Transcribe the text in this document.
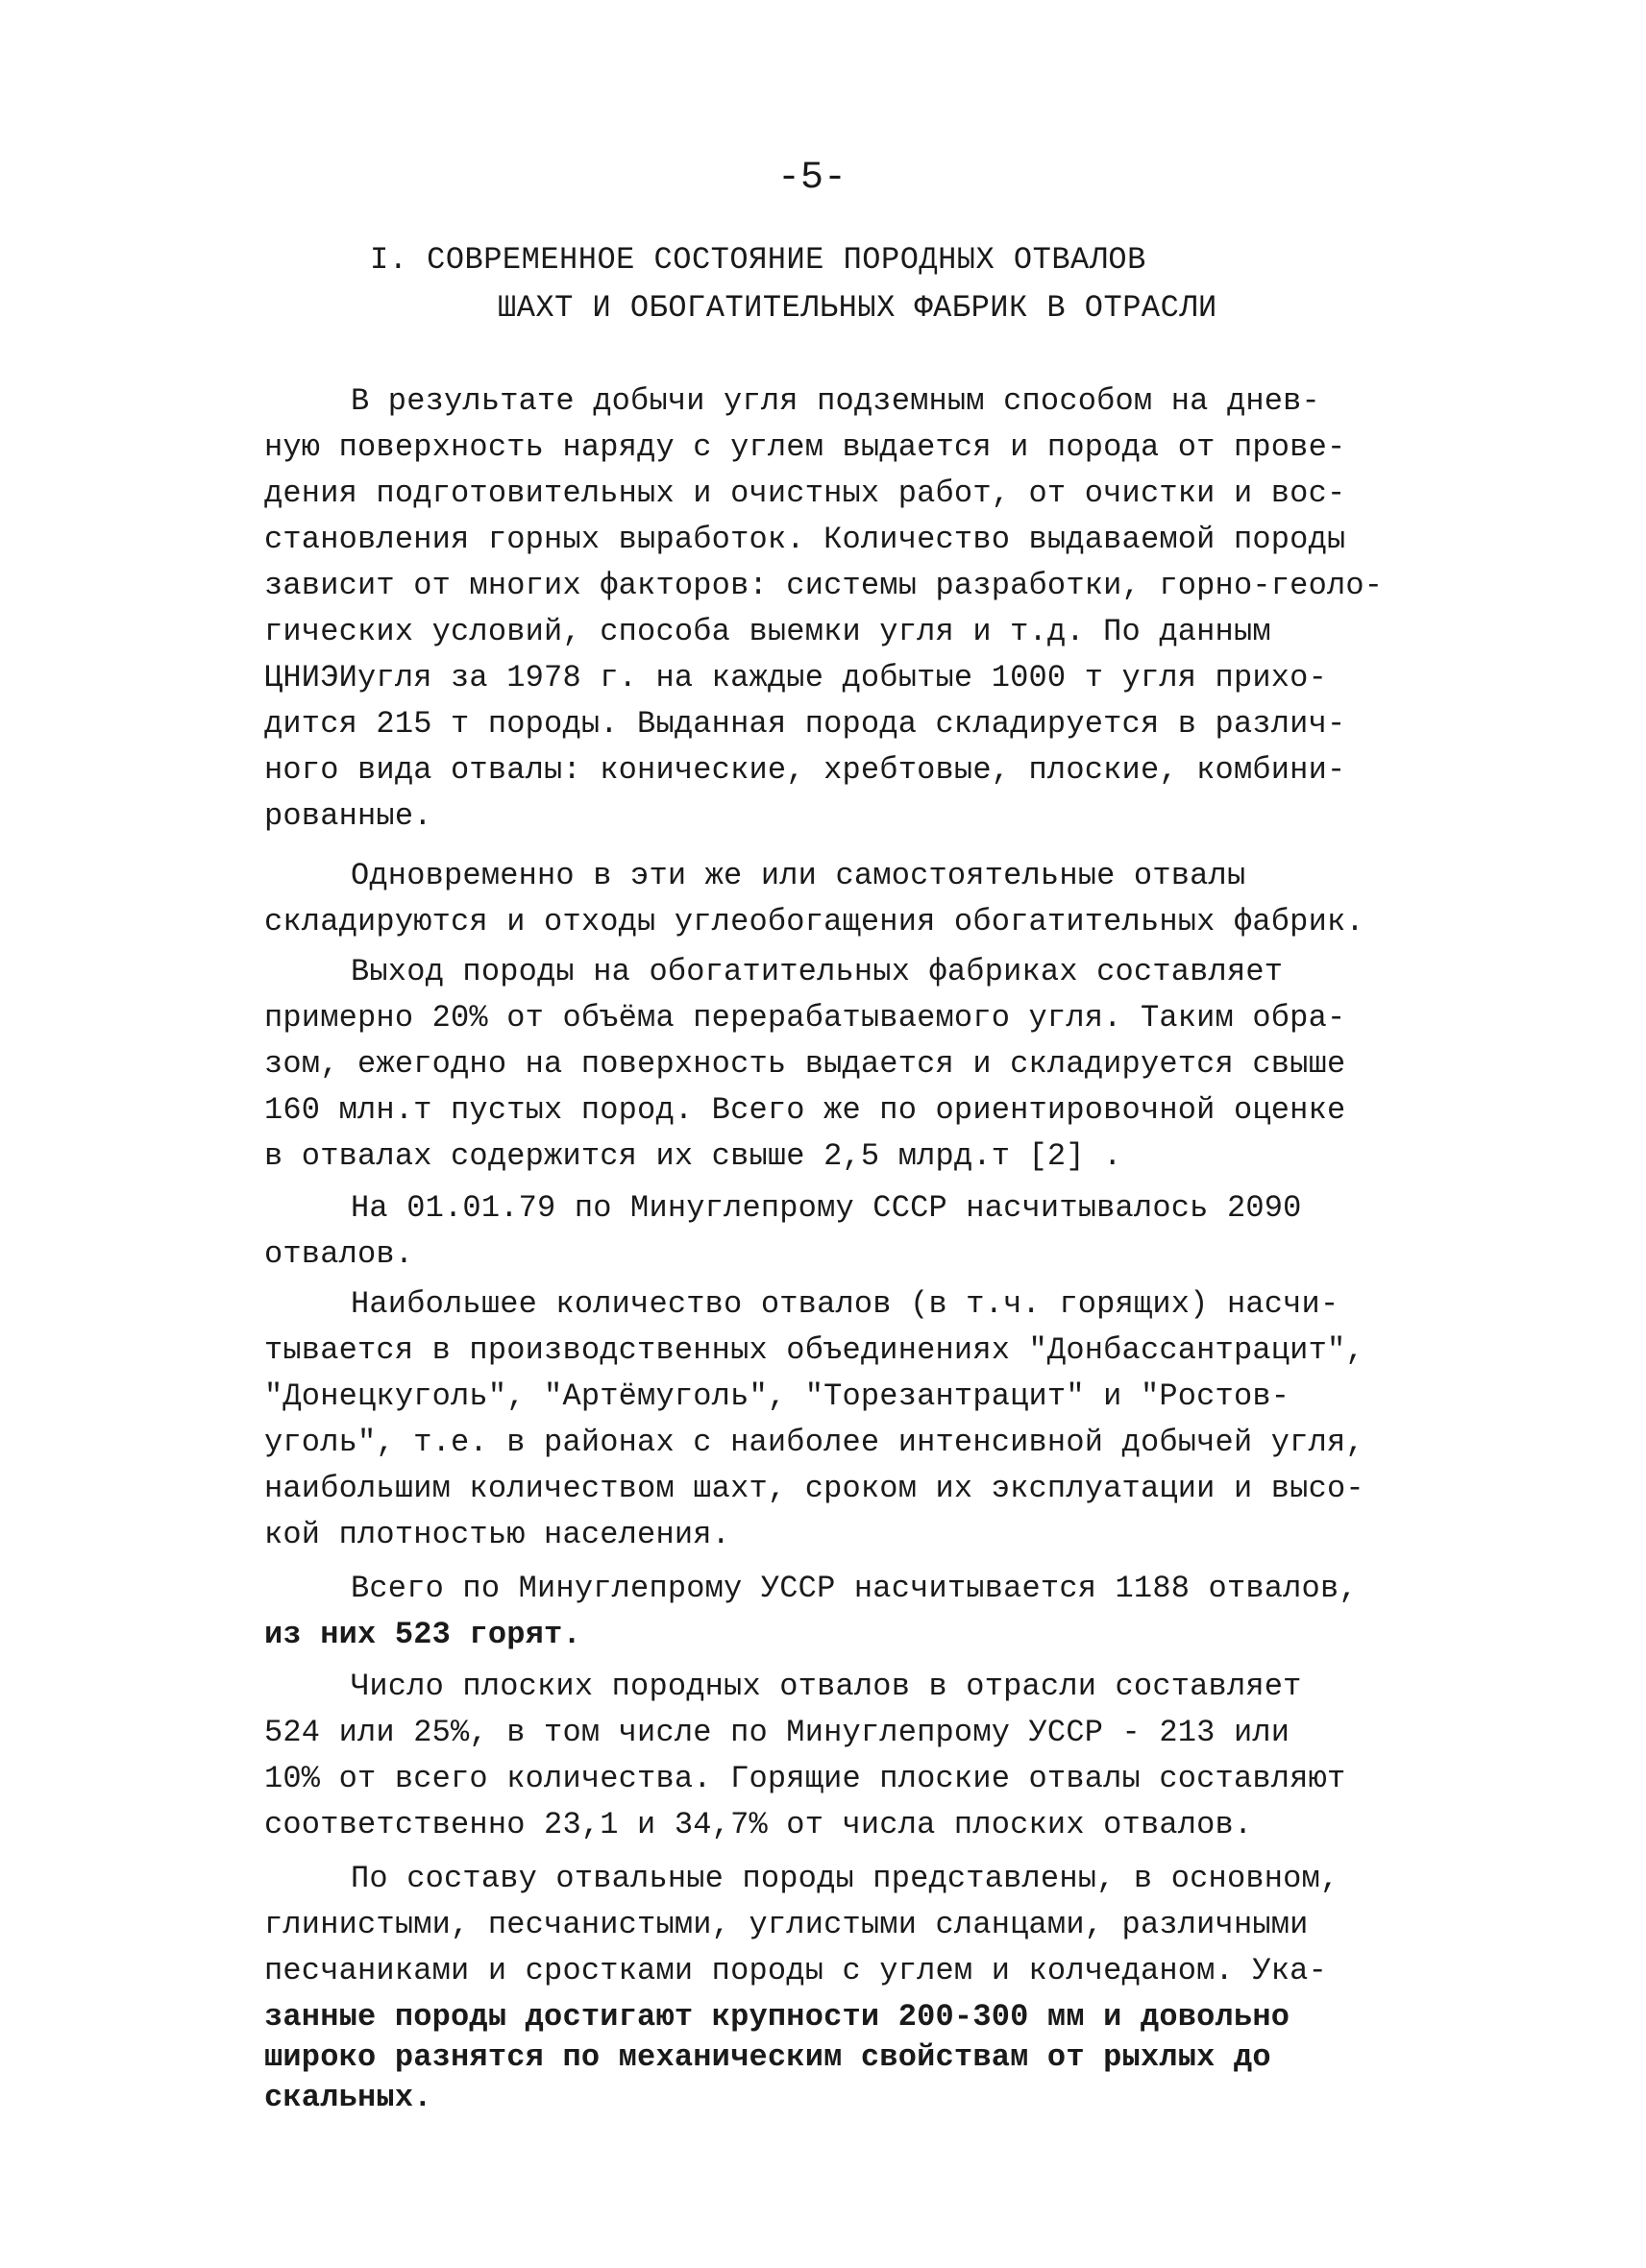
-5-
I. СОВРЕМЕННОЕ СОСТОЯНИЕ ПОРОДНЫХ ОТВАЛОВ
ШАХТ И ОБОГАТИТЕЛЬНЫХ ФАБРИК В ОТРАСЛИ
В результате добычи угля подземным способом на днев-
ную поверхность наряду с углем выдается и порода от прове-
дения подготовительных и очистных работ, от очистки и вос-
становления горных выработок. Количество выдаваемой породы
зависит от многих факторов: системы разработки, горно-геоло-
гических условий, способа выемки угля и т.д. По данным
ЦНИЭИугля за 1978 г. на каждые добытые 1000 т угля прихо-
дится 215 т породы. Выданная порода складируется в различ-
ного вида отвалы: конические, хребтовые, плоские, комбини-
рованные.
Одновременно в эти же или самостоятельные отвалы
складируются и отходы углеобогащения обогатительных фабрик.
Выход породы на обогатительных фабриках составляет
примерно 20% от объёма перерабатываемого угля. Таким обра-
зом, ежегодно на поверхность выдается и складируется свыше
160 млн.т пустых пород. Всего же по ориентировочной оценке
в отвалах содержится их свыше 2,5 млрд.т [2] .
На 01.01.79 по Минуглепрому СССР насчитывалось 2090
отвалов.
Наибольшее количество отвалов (в т.ч. горящих) насчи-
тывается в производственных объединениях "Донбассантрацит",
"Донецкуголь", "Артёмуголь", "Торезантрацит" и "Ростов-
уголь", т.е. в районах с наиболее интенсивной добычей угля,
наибольшим количеством шахт, сроком их эксплуатации и высо-
кой плотностью населения.
Всего по Минуглепрому УССР насчитывается 1188 отвалов,
из них 523 горят.
Число плоских породных отвалов в отрасли составляет
524 или 25%, в том числе по Минуглепрому УССР - 213 или
10% от всего количества. Горящие плоские отвалы составляют
соответственно 23,1 и 34,7% от числа плоских отвалов.
По составу отвальные породы представлены, в основном,
глинистыми, песчанистыми, углистыми сланцами, различными
песчаниками и сростками породы с углем и колчеданом. Ука-
занные породы достигают крупности 200-300 мм и довольно
широко разнятся по механическим свойствам от рыхлых до
скальных.
